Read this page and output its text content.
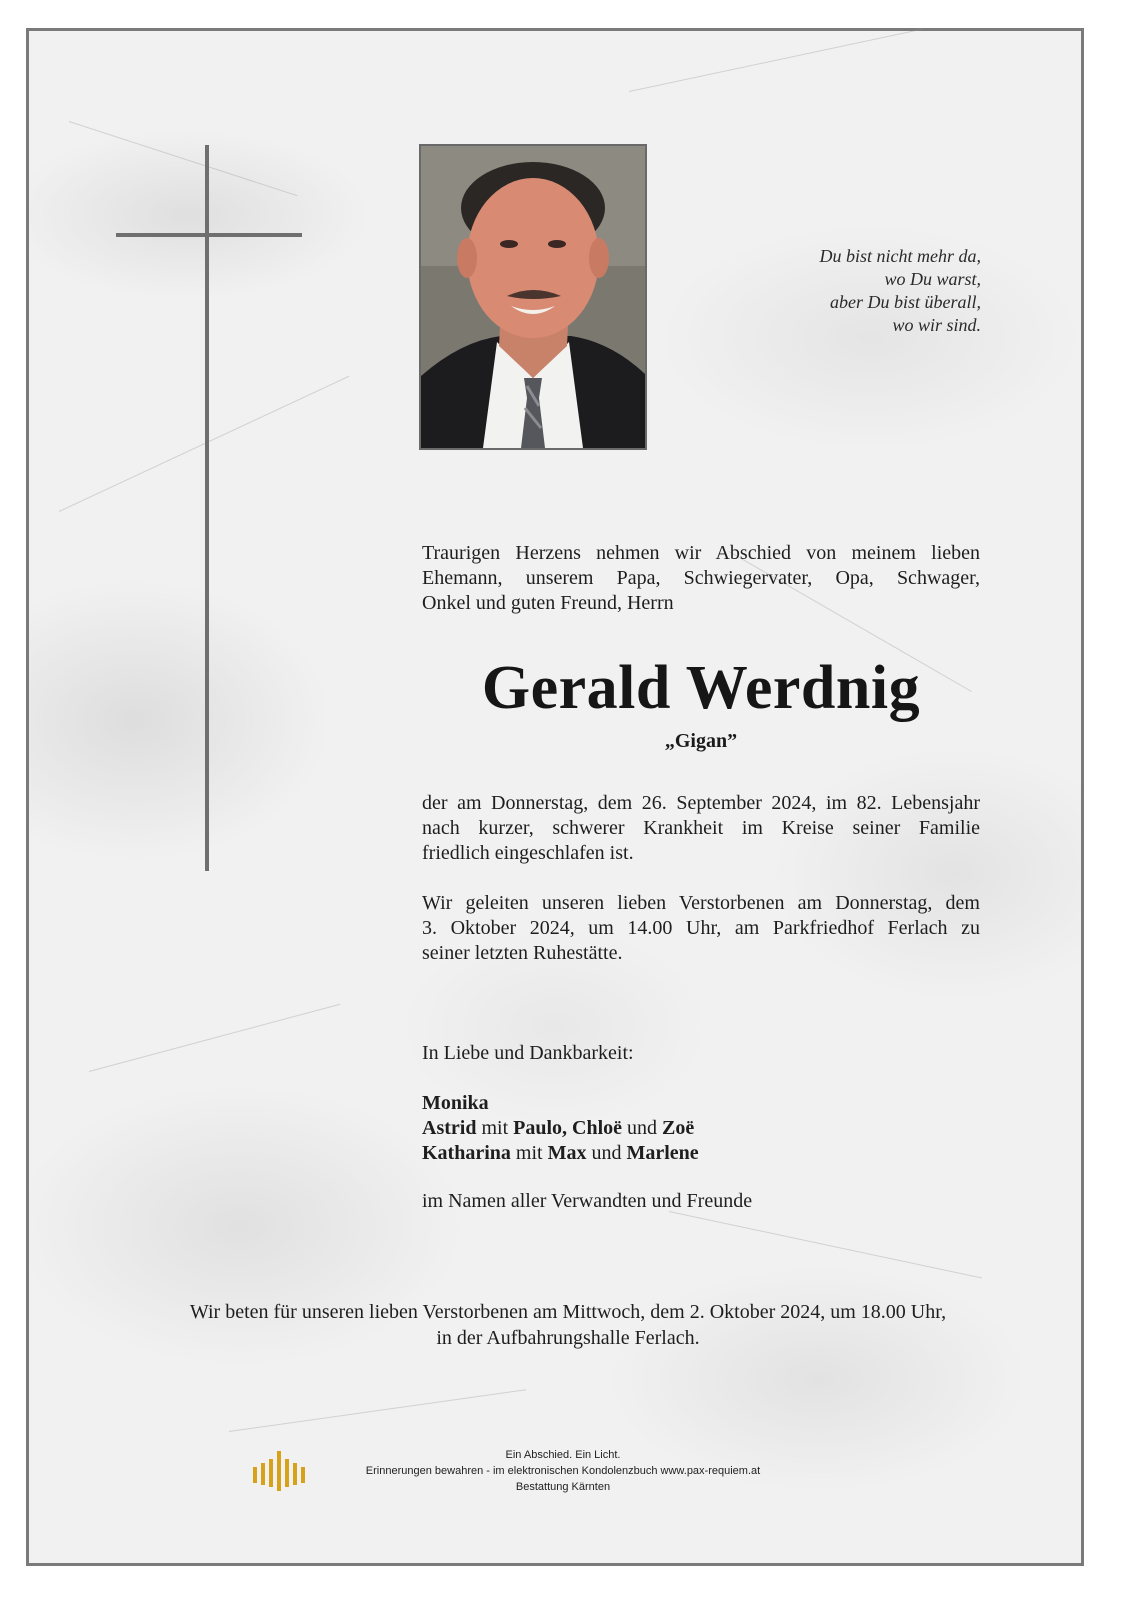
Du bist nicht mehr da,
wo Du warst,
aber Du bist überall,
wo wir sind.
Traurigen Herzens nehmen wir Abschied von meinem lieben
Ehemann, unserem Papa, Schwiegervater, Opa, Schwager,
Onkel und guten Freund, Herrn
Gerald Werdnig
„Gigan”
der am Donnerstag, dem 26. September 2024, im 82. Lebensjahr
nach kurzer, schwerer Krankheit im Kreise seiner Familie
friedlich eingeschlafen ist.
Wir geleiten unseren lieben Verstorbenen am Donnerstag, dem
3. Oktober 2024, um 14.00 Uhr, am Parkfriedhof Ferlach zu
seiner letzten Ruhestätte.
In Liebe und Dankbarkeit:
Monika
Astrid mit Paulo, Chloë und Zoë
Katharina mit Max und Marlene
im Namen aller Verwandten und Freunde
Wir beten für unseren lieben Verstorbenen am Mittwoch, dem 2. Oktober 2024, um 18.00 Uhr,
in der Aufbahrungshalle Ferlach.
Ein Abschied. Ein Licht.
Erinnerungen bewahren - im elektronischen Kondolenzbuch www.pax-requiem.at
Bestattung Kärnten
